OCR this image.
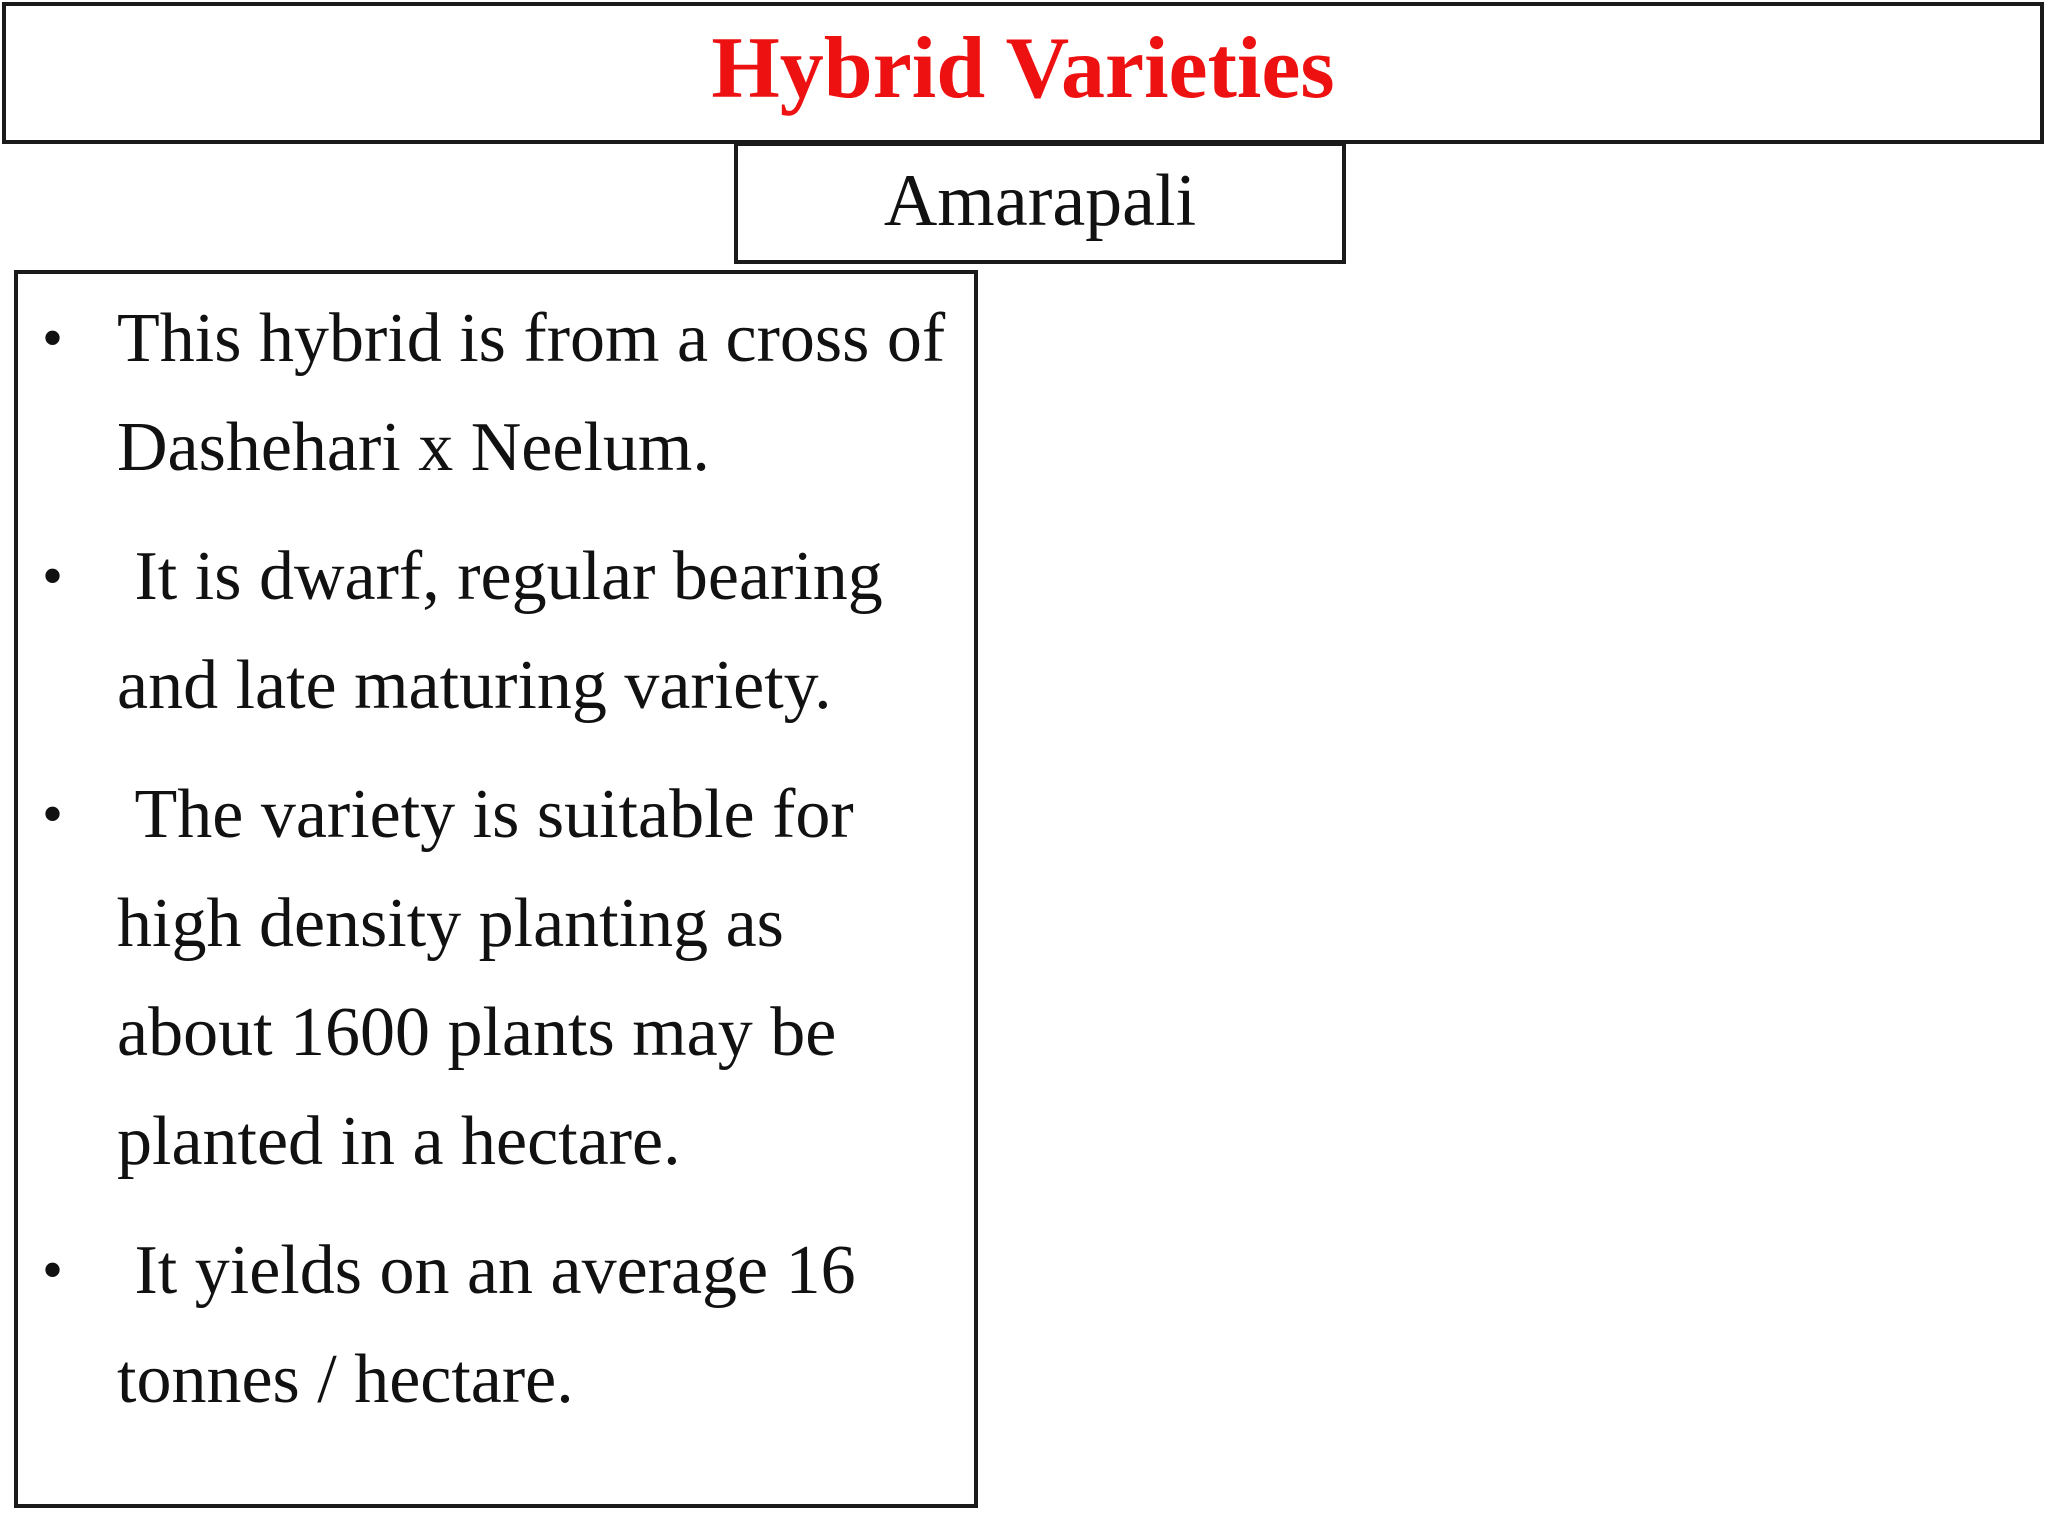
Hybrid Varieties
Amarapali
• This hybrid is from a cross of Dashehari x Neelum.
• It is dwarf, regular bearing and late maturing variety.
• The variety is suitable for high density planting as about 1600 plants may be planted in a hectare.
• It yields on an average 16 tonnes / hectare.
